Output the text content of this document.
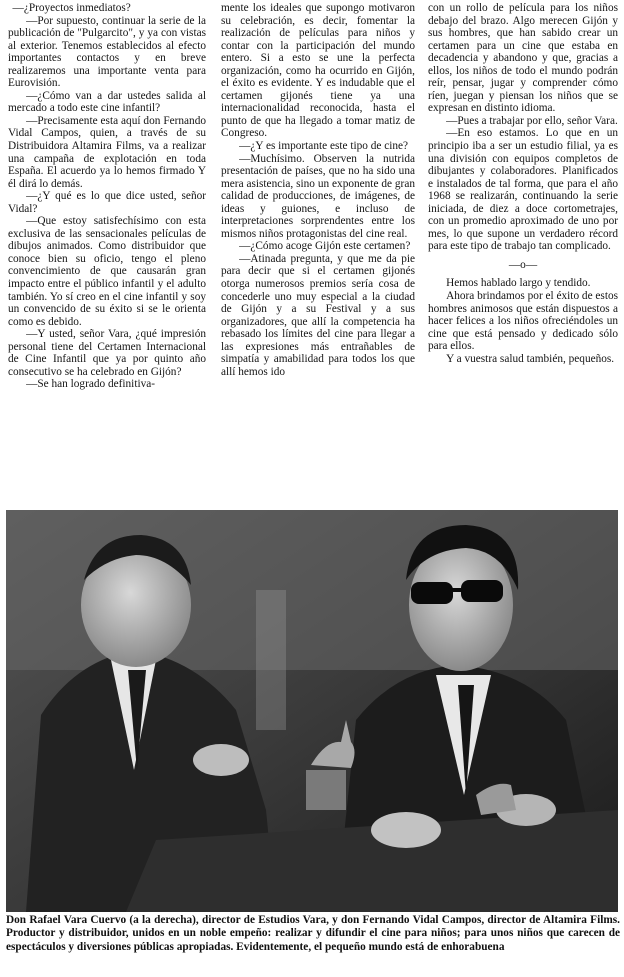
—¿Proyectos inmediatos?

—Por supuesto, continuar la serie de la publicación de "Pulgarcito", y ya con vistas al exterior. Tenemos establecidos al efecto importantes contactos y en breve realizaremos una importante venta para Eurovisión.

—¿Cómo van a dar ustedes salida al mercado a todo este cine infantil?

—Precisamente esta aquí don Fernando Vidal Campos, quien, a través de su Distribuidora Altamira Films, va a realizar una campaña de explotación en toda España. El acuerdo ya lo hemos firmado Y él dirá lo demás.

—¿Y qué es lo que dice usted, señor Vidal?

—Que estoy satisfechísimo con esta exclusiva de las sensacionales películas de dibujos animados. Como distribuidor que conoce bien su oficio, tengo el pleno convencimiento de que causarán gran impacto entre el público infantil y el adulto también. Yo sí creo en el cine infantil y soy un convencido de su éxito si se le orienta como es debido.

—Y usted, señor Vara, ¿qué impresión personal tiene del Certamen Internacional de Cine Infantil que ya por quinto año consecutivo se ha celebrado en Gijón?

—Se han logrado definitiva-

mente los ideales que supongo motivaron su celebración, es decir, fomentar la realización de películas para niños y contar con la participación del mundo entero. Si a esto se une la perfecta organización, como ha ocurrido en Gijón, el éxito es evidente. Y es indudable que el certamen gijonés tiene ya una internacionalidad reconocida, hasta el punto de que ha llegado a tomar matiz de Congreso.

—¿Y es importante este tipo de cine?

—Muchísimo. Observen la nutrida presentación de países, que no ha sido una mera asistencia, sino un exponente de gran calidad de producciones, de imágenes, de ideas y guiones, e incluso de interpretaciones sorprendentes entre los mismos niños protagonistas del cine real.

—¿Cómo acoge Gijón este certamen?

—Atinada pregunta, y que me da pie para decir que si el certamen gijonés otorga numerosos premios sería cosa de concederle uno muy especial a la ciudad de Gijón y a su Festival y a sus organizadores, que allí la competencia ha rebasado los límites del cine para llegar a las expresiones más entrañables de simpatía y amabilidad para todos los que allí hemos ido

con un rollo de película para los niños debajo del brazo. Algo merecen Gijón y sus hombres, que han sabido crear un certamen para un cine que estaba en decadencia y abandono y que, gracias a ellos, los niños de todo el mundo podrán reír, pensar, jugar y comprender cómo ríen, juegan y piensan los niños que se expresan en distinto idioma.

—Pues a trabajar por ello, señor Vara.

—En eso estamos. Lo que en un principio iba a ser un estudio filial, ya es una división con equipos completos de dibujantes y colaboradores. Planificados e instalados de tal forma, que para el año 1968 se realizarán, continuando la serie iniciada, de diez a doce cortometrajes, con un promedio aproximado de uno por mes, lo que supone un verdadero récord para este tipo de trabajo tan complicado.

—o—

Hemos hablado largo y tendido.

Ahora brindamos por el éxito de estos hombres animosos que están dispuestos a hacer felices a los niños ofreciéndoles un cine que está pensado y dedicado sólo para ellos.

Y a vuestra salud también, pequeños.

Don Rafael Vara Cuervo (a la derecha), director de Estudios Vara, y don Fernando Vidal Campos, director de Altamira Films. Productor y distribuidor, unidos en un noble empeño: realizar y difundir el cine para niños; para unos niños que carecen de espectáculos y diversiones públicas apropiadas. Evidentemente, el pequeño mundo está de enhorabuena
